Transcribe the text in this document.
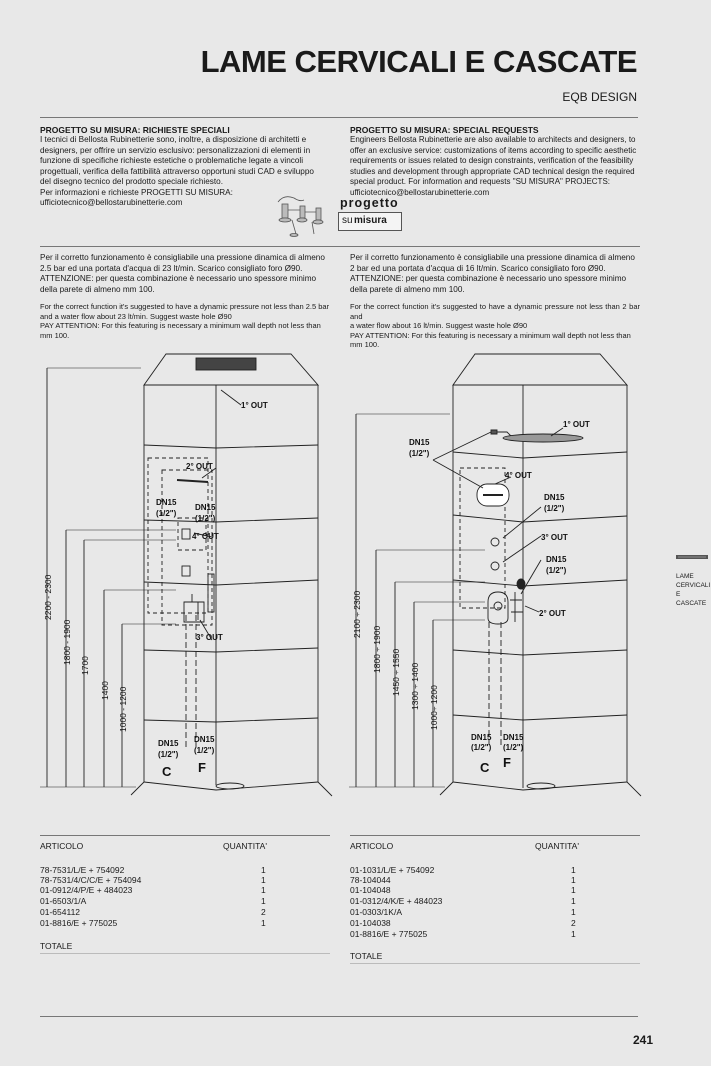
LAME CERVICALI E CASCATE
EQB DESIGN
PROGETTO SU MISURA: RICHIESTE SPECIALI
I tecnici di Bellosta Rubinetterie sono, inoltre, a disposizione di architetti e
designers, per offrire un servizio esclusivo: personalizzazioni di elementi in
funzione di specifiche richieste estetiche o problematiche legate a vincoli
progettuali, verifica della fattibilità attraverso opportuni studi CAD e sviluppo
del disegno tecnico del prodotto speciale richiesto.
Per informazioni e richieste PROGETTI SU MISURA:
ufficiotecnico@bellostarubinetterie.com
PROGETTO SU MISURA: SPECIAL REQUESTS
Engineers Bellosta Rubinetterie are also available to architects and designers, to
offer an exclusive service: customizations of items according to specific aesthetic
requirements or issues related to design constraints, verification of the feasibility
studies and development through appropriate CAD technical design the required
special product. For information and requests "SU MISURA" PROJECTS:
ufficiotecnico@bellostarubinetterie.com
progetto
su misura
Per il corretto funzionamento è consigliabile una pressione dinamica di almeno
2.5 bar ed una portata d'acqua di 23 lt/min. Scarico consigliato foro Ø90.
ATTENZIONE: per questa combinazione è necessario uno spessore minimo
della parete di almeno mm 100.
For the correct function it's suggested to have a dynamic pressure not less than 2.5 bar
and a water flow about 23 lt/min. Suggest waste hole Ø90
PAY ATTENTION: For this featuring is necessary a minimum wall depth not less than
mm 100.
Per il corretto funzionamento è consigliabile una pressione dinamica di almeno
2 bar ed una portata d'acqua di 16 lt/min. Scarico consigliato foro Ø90.
ATTENZIONE: per questa combinazione è necessario uno spessore minimo
della parete di almeno mm 100.
For the correct function it's suggested to have a dynamic pressure not less than 2 bar and
a water flow about 16 lt/min. Suggest waste hole Ø90
PAY ATTENTION: For this featuring is necessary a minimum wall depth not less than
mm 100.
1° OUT
2° OUT
4° OUT
3° OUT
DN15
(1/2")
DN15
(1/2")
DN15
(1/2")
DN15
(1/2")
C F
2200 - 2300
1800 - 1900
1700
1400 1000 - 1200
1° OUT
4° OUT
3° OUT
2° OUT
DN15
(1/2")
DN15
(1/2")
DN15
(1/2")
DN15
(1/2")
DN15
(1/2")
C F
2100 ÷ 2300
1800 ÷ 1900 1450 ÷ 1550 1300 ÷ 1400 1000÷ 1200
ARTICOLO	QUANTITA'
78-7531/L/E + 754092	1
78-7531/4/C/C/E + 754094	1
01-0912/4/P/E + 484023	1
01-6503/1/A	1
01-654112	2
01-8816/E + 775025	1
TOTALE
ARTICOLO	QUANTITA'
01-1031/L/E + 754092	1
78-104044	1
01-104048	1
01-0312/4/K/E + 484023	1
01-0303/1K/A	1
01-104038	2
01-8816/E + 775025	1
TOTALE
LAME
CERVICALI
E CASCATE
241
